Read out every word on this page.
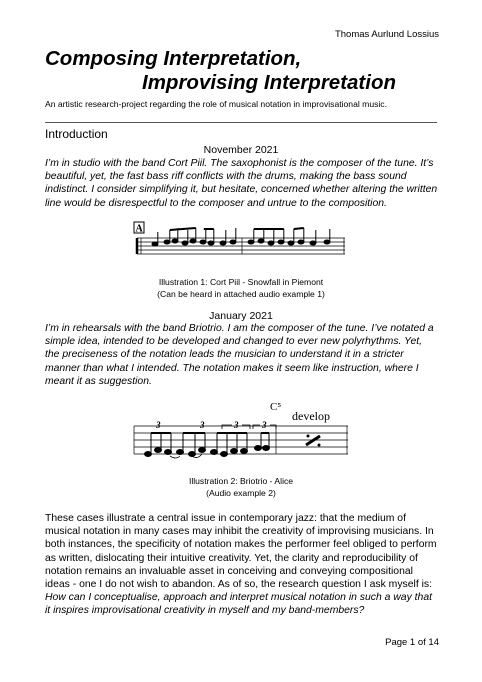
Thomas Aurlund Lossius
Composing Interpretation,
Improvising Interpretation
An artistic research-project regarding the role of musical notation in improvisational music.
Introduction
November 2021
I’m in studio with the band Cort Piil. The saxophonist is the composer of the tune. It’s beautiful, yet, the fast bass riff conflicts with the drums, making the bass sound indistinct. I consider simplifying it, but hesitate, concerned whether altering the written line would be disrespectful to the composer and untrue to the composition.
A
Illustration 1: Cort Piil - Snowfall in Piemont
(Can be heard in attached audio example 1)
January 2021
I’m in rehearsals with the band Briotrio. I am the composer of the tune. I’ve notated a simple idea, intended to be developed and changed to ever new polyrhythms. Yet, the preciseness of the notation leads the musician to understand it in a stricter manner than what I intended. The notation makes it seem like instruction, where I meant it as suggestion.
C⁵
develop
3	3	3	3
Illustration 2: Briotrio - Alice
(Audio example 2)
These cases illustrate a central issue in contemporary jazz: that the medium of musical notation in many cases may inhibit the creativity of improvising musicians. In both instances, the specificity of notation makes the performer feel obliged to perform as written, dislocating their intuitive creativity. Yet, the clarity and reproducibility of notation remains an invaluable asset in conceiving and conveying compositional ideas - one I do not wish to abandon. As of so, the research question I ask myself is: How can I conceptualise, approach and interpret musical notation in such a way that it inspires improvisational creativity in myself and my band-members?
Page 1 of 14
